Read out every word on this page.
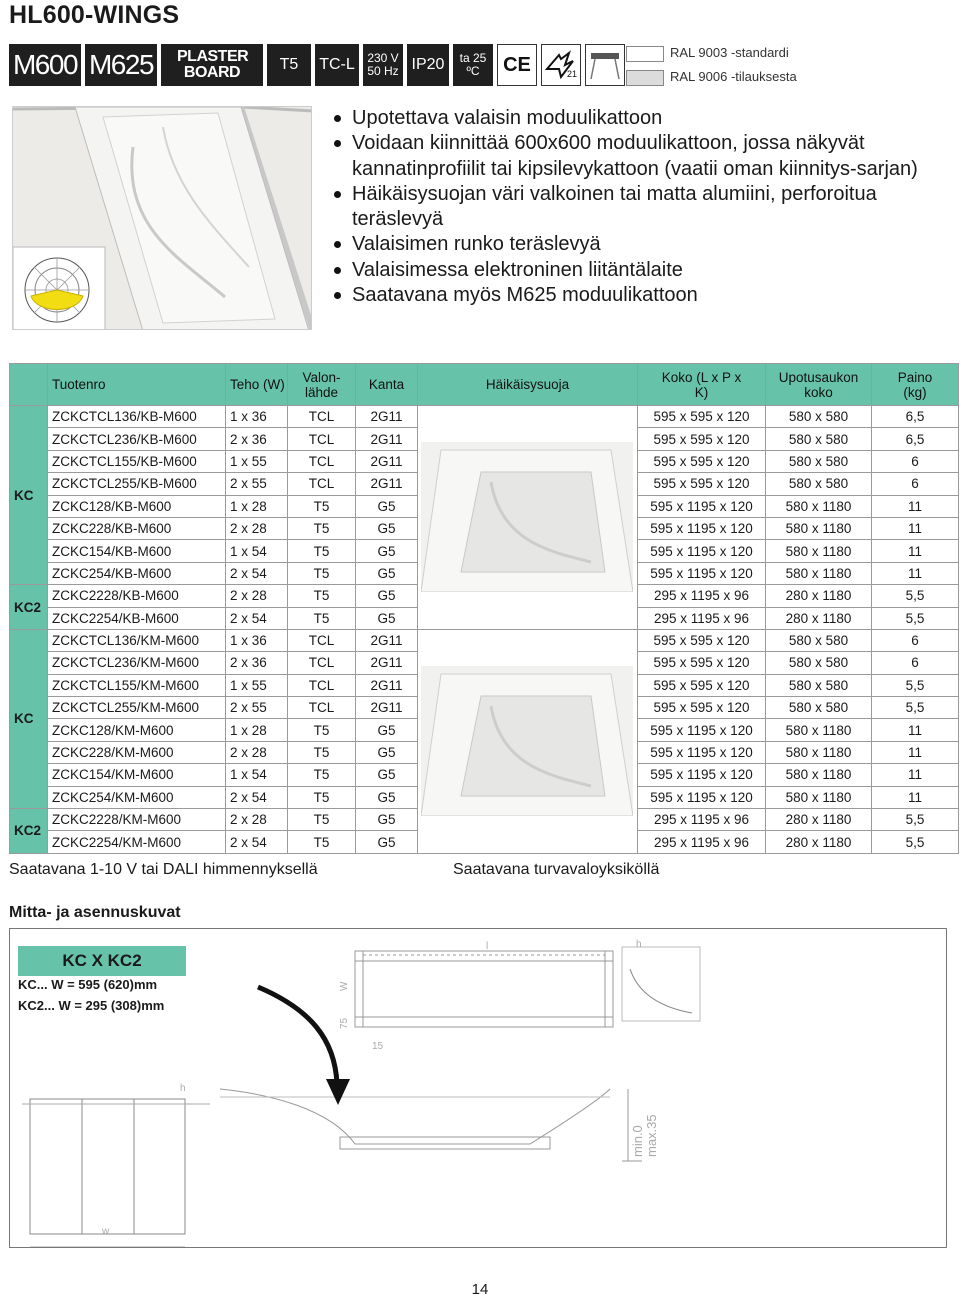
HL600-WINGS
M600 M625 PLASTER BOARD	T5	TC-L	230 V 50 Hz IP20	ta 25 ºC	CE	21
RAL 9003 -standardi
RAL 9006 -tilauksesta
Upotettava valaisin moduulikattoon
Voidaan kiinnittää 600x600 moduulikattoon, jossa näkyvät kannatinprofiilit tai kipsilevykattoon (vaatii oman kiinnitys-sarjan)
Häikäisysuojan väri valkoinen tai matta alumiini, perforoitua teräslevyä
Valaisimen runko teräslevyä
Valaisimessa elektroninen liitäntälaite
Saatavana myös M625 moduulikattoon
	Tuotenro	Teho (W)	Valon-lähde	Kanta	Häikäisysuoja	Koko (L x P x K)	Upotusaukon koko	Paino (kg)

KC	ZCKCTCL136/KB-M600	1 x 36	TCL	2G11		595 x 595 x 120	580 x 580	6,5
	ZCKCTCL236/KB-M600	2 x 36	TCL	2G11		595 x 595 x 120	580 x 580	6,5
	ZCKCTCL155/KB-M600	1 x 55	TCL	2G11		595 x 595 x 120	580 x 580	6
	ZCKCTCL255/KB-M600	2 x 55	TCL	2G11		595 x 595 x 120	580 x 580	6
	ZCKC128/KB-M600	1 x 28	T5	G5		595 x 1195 x 120	580 x 1180	11
	ZCKC228/KB-M600	2 x 28	T5	G5		595 x 1195 x 120	580 x 1180	11
	ZCKC154/KB-M600	1 x 54	T5	G5		595 x 1195 x 120	580 x 1180	11
	ZCKC254/KB-M600	2 x 54	T5	G5		595 x 1195 x 120	580 x 1180	11
KC2	ZCKC2228/KB-M600	2 x 28	T5	G5		295 x 1195 x 96	280 x 1180	5,5
	ZCKC2254/KB-M600	2 x 54	T5	G5		295 x 1195 x 96	280 x 1180	5,5
KC	ZCKCTCL136/KM-M600	1 x 36	TCL	2G11		595 x 595 x 120	580 x 580	6
	ZCKCTCL236/KM-M600	2 x 36	TCL	2G11		595 x 595 x 120	580 x 580	6
	ZCKCTCL155/KM-M600	1 x 55	TCL	2G11		595 x 595 x 120	580 x 580	5,5
	ZCKCTCL255/KM-M600	2 x 55	TCL	2G11		595 x 595 x 120	580 x 580	5,5
	ZCKC128/KM-M600	1 x 28	T5	G5		595 x 1195 x 120	580 x 1180	11
	ZCKC228/KM-M600	2 x 28	T5	G5		595 x 1195 x 120	580 x 1180	11
	ZCKC154/KM-M600	1 x 54	T5	G5		595 x 1195 x 120	580 x 1180	11
	ZCKC254/KM-M600	2 x 54	T5	G5		595 x 1195 x 120	580 x 1180	11
KC2	ZCKC2228/KM-M600	2 x 28	T5	G5		295 x 1195 x 96	280 x 1180	5,5
	ZCKC2254/KM-M600	2 x 54	T5	G5		295 x 1195 x 96	280 x 1180	5,5
Saatavana 1-10 V tai DALI himmennyksellä	Saatavana turvavaloyksiköllä
Mitta- ja asennuskuvat
KC X KC2
KC... W = 595 (620)mm
KC2... W = 295 (308)mm
l	h
W
75
15
h
w
min.0 max.35
14
